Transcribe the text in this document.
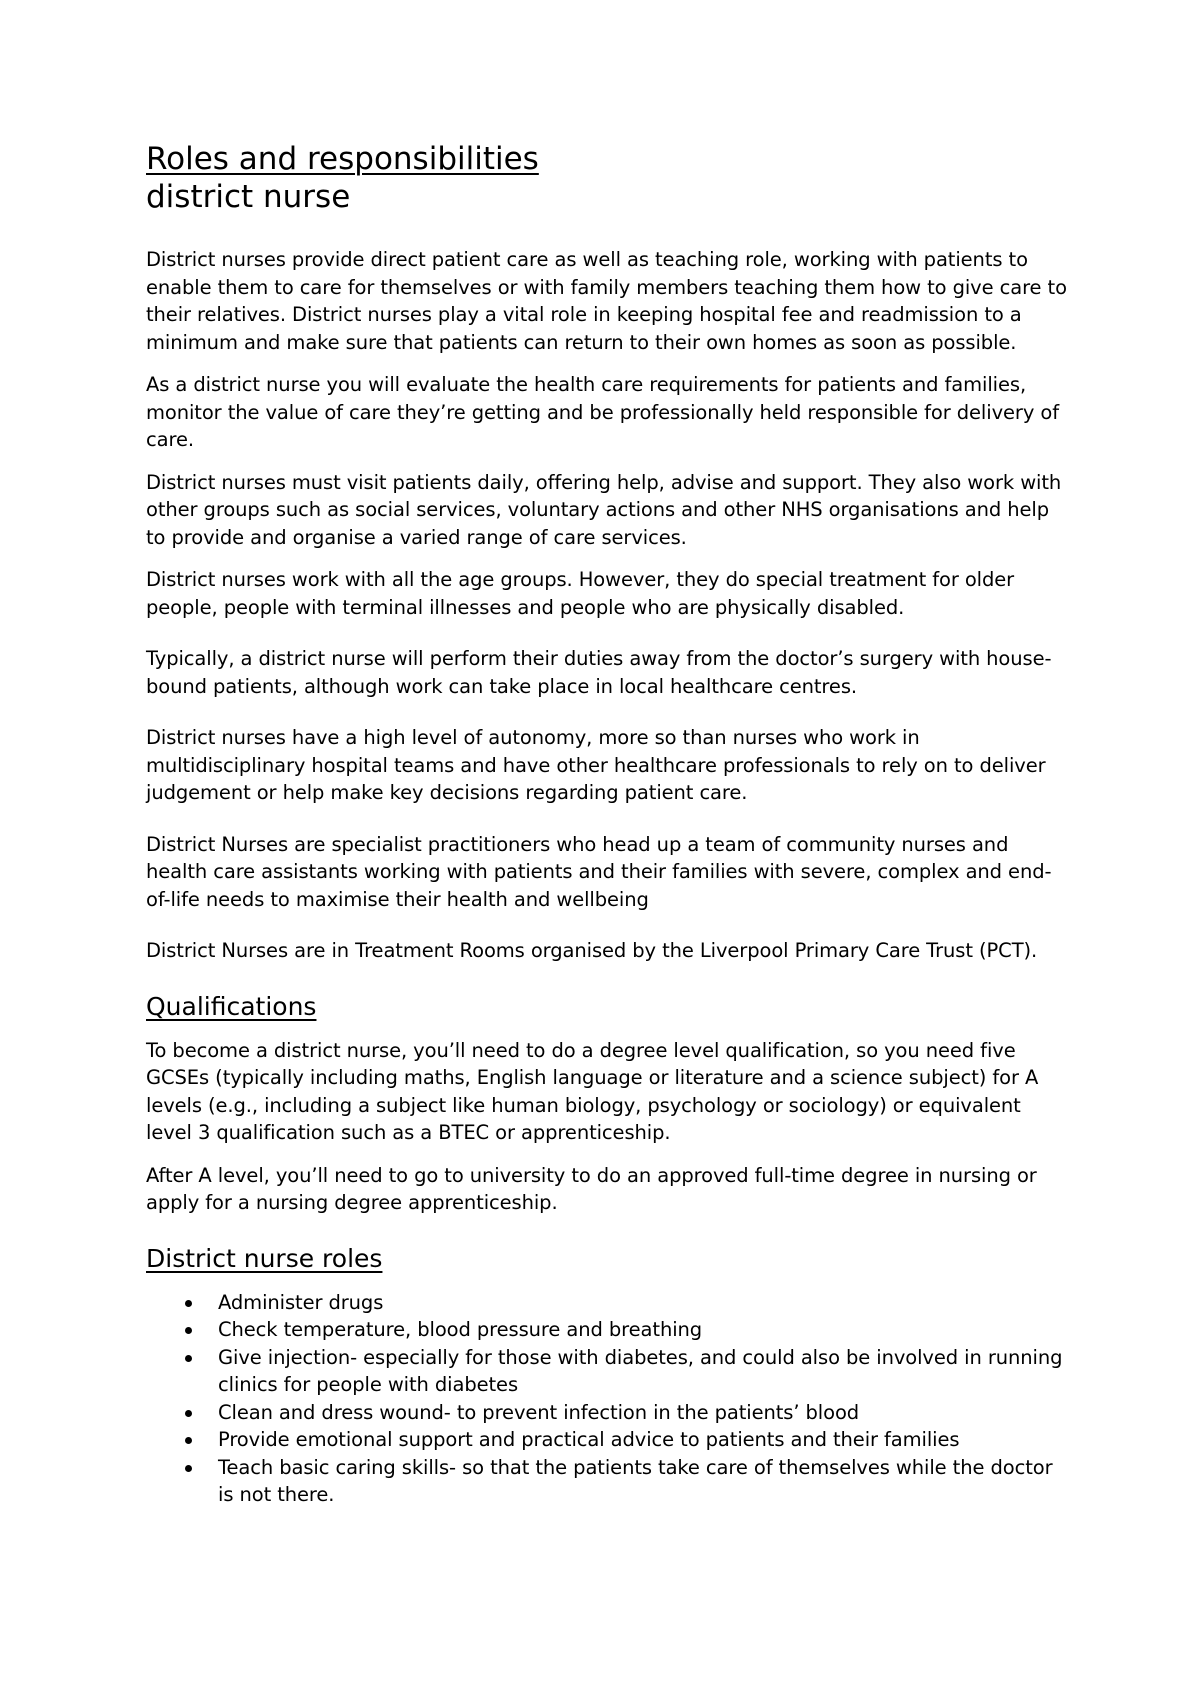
Roles and responsibilities
district nurse

District nurses provide direct patient care as well as teaching role, working with patients to enable them to care for themselves or with family members teaching them how to give care to their relatives. District nurses play a vital role in keeping hospital fee and readmission to a minimum and make sure that patients can return to their own homes as soon as possible.

As a district nurse you will evaluate the health care requirements for patients and families, monitor the value of care they’re getting and be professionally held responsible for delivery of care.

District nurses must visit patients daily, offering help, advise and support. They also work with other groups such as social services, voluntary actions and other NHS organisations and help to provide and organise a varied range of care services.

District nurses work with all the age groups. However, they do special treatment for older people, people with terminal illnesses and people who are physically disabled.

Typically, a district nurse will perform their duties away from the doctor’s surgery with house-bound patients, although work can take place in local healthcare centres.

District nurses have a high level of autonomy, more so than nurses who work in multidisciplinary hospital teams and have other healthcare professionals to rely on to deliver judgement or help make key decisions regarding patient care.

District Nurses are specialist practitioners who head up a team of community nurses and health care assistants working with patients and their families with severe, complex and end-of-life needs to maximise their health and wellbeing

District Nurses are in Treatment Rooms organised by the Liverpool Primary Care Trust (PCT).

Qualifications

To become a district nurse, you’ll need to do a degree level qualification, so you need five GCSEs (typically including maths, English language or literature and a science subject) for A levels (e.g., including a subject like human biology, psychology or sociology) or equivalent level 3 qualification such as a BTEC or apprenticeship.

After A level, you’ll need to go to university to do an approved full-time degree in nursing or apply for a nursing degree apprenticeship.

District nurse roles
Administer drugs
Check temperature, blood pressure and breathing
Give injection- especially for those with diabetes, and could also be involved in running clinics for people with diabetes
Clean and dress wound- to prevent infection in the patients’ blood
Provide emotional support and practical advice to patients and their families
Teach basic caring skills- so that the patients take care of themselves while the doctor is not there.
